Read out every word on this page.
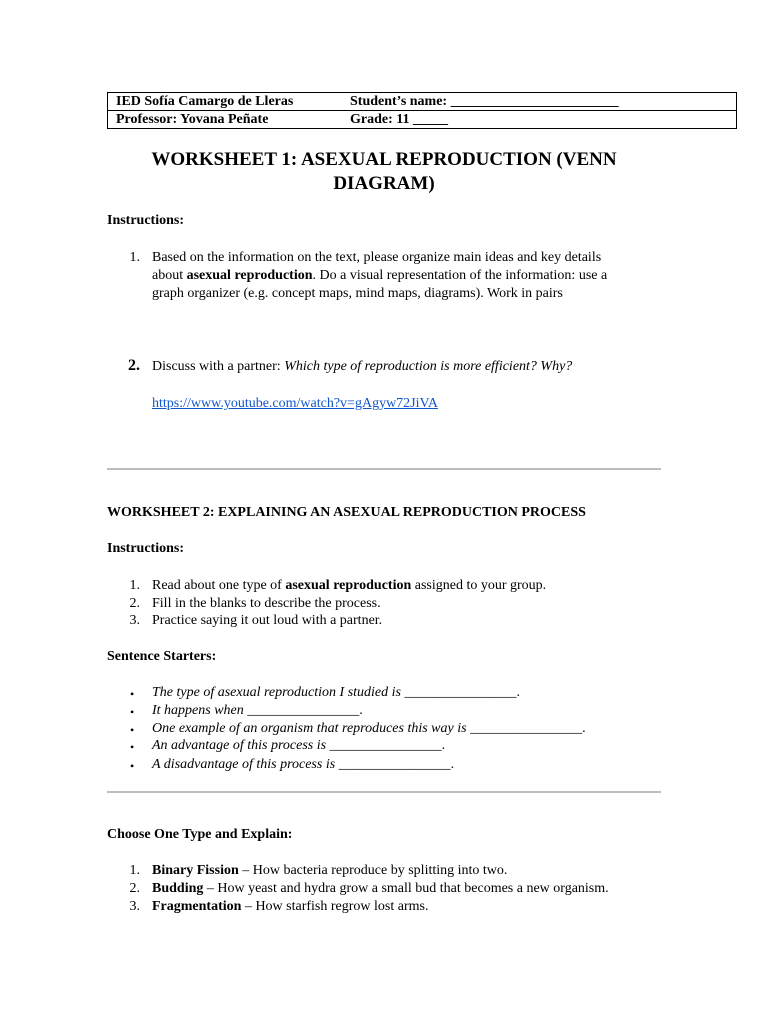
IED Sofía Camargo de Lleras	Student’s name: ________________________
Professor: Yovana Peñate	Grade: 11 _____
WORKSHEET 1: ASEXUAL REPRODUCTION (VENN
DIAGRAM)
Instructions:
1. Based on the information on the text, please organize main ideas and key details
about asexual reproduction. Do a visual representation of the information: use a
graph organizer (e.g. concept maps, mind maps, diagrams). Work in pairs
2. Discuss with a partner: Which type of reproduction is more efficient? Why?
https://www.youtube.com/watch?v=gAgyw72JiVA
WORKSHEET 2: EXPLAINING AN ASEXUAL REPRODUCTION PROCESS
Instructions:
1. Read about one type of asexual reproduction assigned to your group.
2. Fill in the blanks to describe the process.
3. Practice saying it out loud with a partner.
Sentence Starters:
•	The type of asexual reproduction I studied is ________________.
•	It happens when ________________.
•	One example of an organism that reproduces this way is ________________.
•	An advantage of this process is ________________.
•	A disadvantage of this process is ________________.
Choose One Type and Explain:
1. Binary Fission – How bacteria reproduce by splitting into two.
2. Budding – How yeast and hydra grow a small bud that becomes a new organism.
3. Fragmentation – How starfish regrow lost arms.
